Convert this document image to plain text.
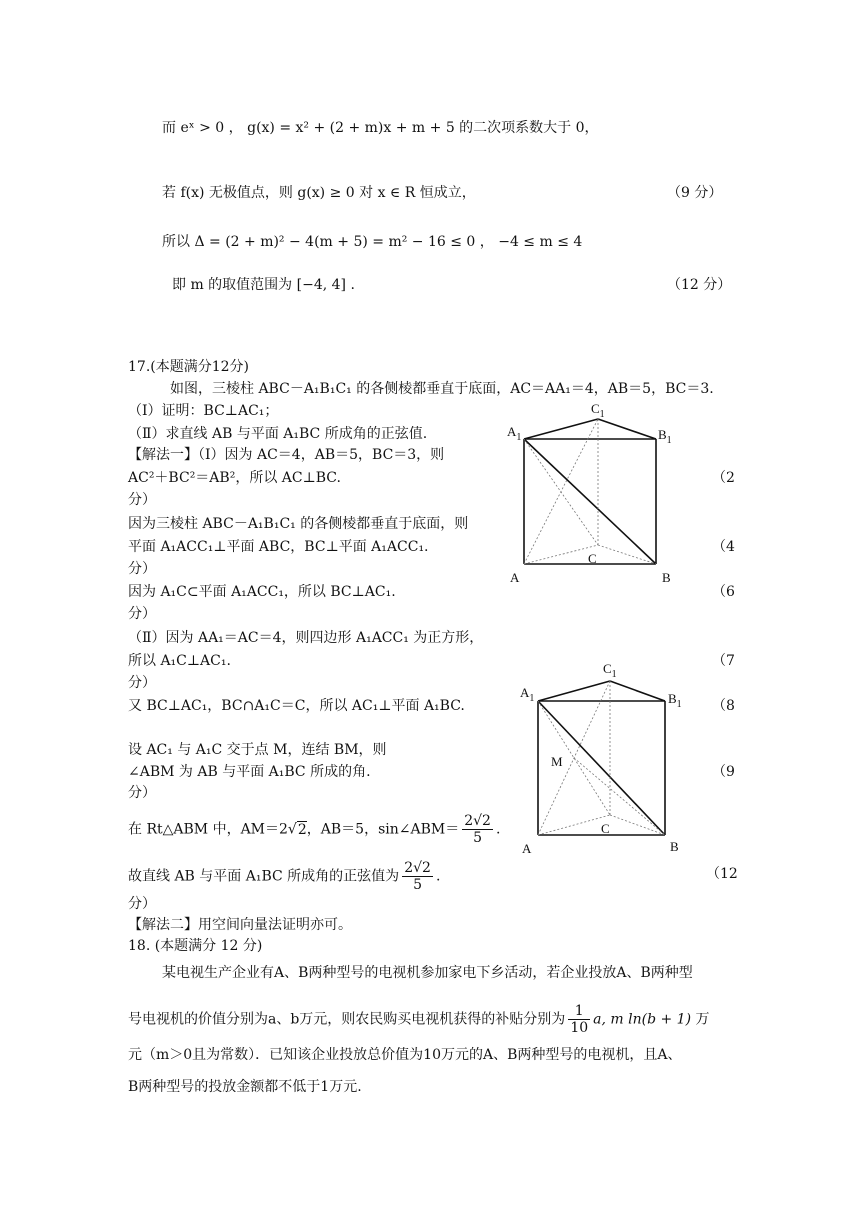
而 eˣ > 0 ， g(x) = x² + (2 + m)x + m + 5 的二次项系数大于 0，
若 f(x) 无极值点，则 g(x) ≥ 0 对 x ∈ R 恒成立，	（9 分）
所以 Δ = (2 + m)² − 4(m + 5) = m² − 16 ≤ 0 ， −4 ≤ m ≤ 4
即 m 的取值范围为 [−4, 4] .	（12 分）
17.(本题满分12分)
如图，三棱柱 ABC－A₁B₁C₁ 的各侧棱都垂直于底面，AC＝AA₁＝4，AB＝5，BC＝3.
（Ⅰ）证明：BC⊥AC₁；
（Ⅱ）求直线 AB 与平面 A₁BC 所成角的正弦值.
【解法一】（Ⅰ）因为 AC＝4，AB＝5，BC＝3，则
AC²＋BC²＝AB²，所以 AC⊥BC.	（2
分）
因为三棱柱 ABC－A₁B₁C₁ 的各侧棱都垂直于底面，则
平面 A₁ACC₁⊥平面 ABC，BC⊥平面 A₁ACC₁.	（4
分）
因为 A₁C⊂平面 A₁ACC₁，所以 BC⊥AC₁.	（6
分）
（Ⅱ）因为 AA₁＝AC＝4，则四边形 A₁ACC₁ 为正方形，
所以 A₁C⊥AC₁.	（7
分）
又 BC⊥AC₁，BC∩A₁C＝C，所以 AC₁⊥平面 A₁BC.	（8
设 AC₁ 与 A₁C 交于点 M，连结 BM，则
∠ABM 为 AB 与平面 A₁BC 所成的角.	（9
分）
在 Rt△ABM 中，AM＝2√2，AB＝5，sin∠ABM＝ $\frac{2√2}{5}$ .
故直线 AB 与平面 A₁BC 所成角的正弦值为 $\frac{2√2}{5}$ .	（12
分）
【解法二】用空间向量法证明亦可。
$A_1$	$B_1$
$C_1$
A	B
C
$A_1$	$B_1$
$C_1$
A	B
C
M
18. (本题满分 12 分)
某电视生产企业有A、B两种型号的电视机参加家电下乡活动，若企业投放A、B两种型
号电视机的价值分别为a、b万元，则农民购买电视机获得的补贴分别为 $\frac{1}{10} a$, m ln(b + 1) 万
元（m＞0且为常数）．已知该企业投放总价值为10万元的A、B两种型号的电视机，且A、
B两种型号的投放金额都不低于1万元.
